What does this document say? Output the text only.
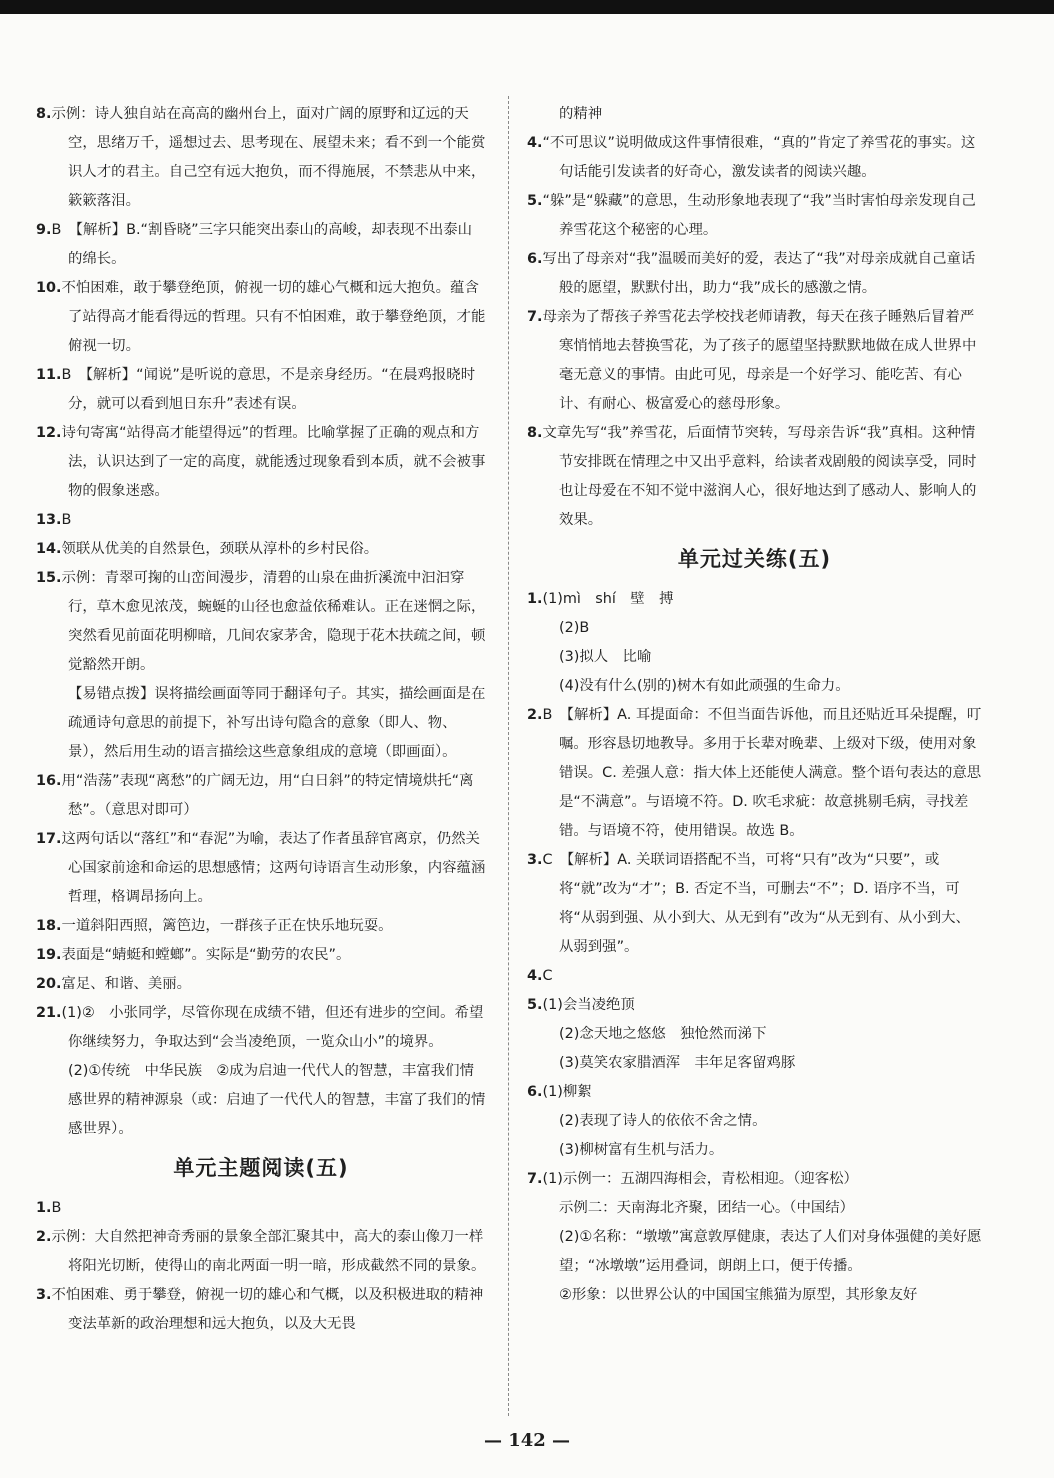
8.示例：诗人独自站在高高的幽州台上，面对广阔的原野和辽远的天空，思绪万千，遥想过去、思考现在、展望未来；看不到一个能赏识人才的君主。自己空有远大抱负，而不得施展，不禁悲从中来，簌簌落泪。
9.B　【解析】B.“割昏晓”三字只能突出泰山的高峻，却表现不出泰山的绵长。
10.不怕困难，敢于攀登绝顶，俯视一切的雄心气概和远大抱负。蕴含了站得高才能看得远的哲理。只有不怕困难，敢于攀登绝顶，才能俯视一切。
11.B　【解析】“闻说”是听说的意思，不是亲身经历。“在晨鸡报晓时分，就可以看到旭日东升”表述有误。
12.诗句寄寓“站得高才能望得远”的哲理。比喻掌握了正确的观点和方法，认识达到了一定的高度，就能透过现象看到本质，就不会被事物的假象迷惑。
13.B
14.领联从优美的自然景色，颈联从淳朴的乡村民俗。
15.示例：青翠可掬的山峦间漫步，清碧的山泉在曲折溪流中汩汩穿行，草木愈见浓茂，蜿蜒的山径也愈益依稀难认。正在迷惘之际，突然看见前面花明柳暗，几间农家茅舍，隐现于花木扶疏之间，顿觉豁然开朗。
【易错点拨】误将描绘画面等同于翻译句子。其实，描绘画面是在疏通诗句意思的前提下，补写出诗句隐含的意象（即人、物、景），然后用生动的语言描绘这些意象组成的意境（即画面）。
16.用“浩荡”表现“离愁”的广阔无边，用“白日斜”的特定情境烘托“离愁”。（意思对即可）
17.这两句话以“落红”和“春泥”为喻，表达了作者虽辞官离京，仍然关心国家前途和命运的思想感情；这两句诗语言生动形象，内容蕴涵哲理，格调昂扬向上。
18.一道斜阳西照，篱笆边，一群孩子正在快乐地玩耍。
19.表面是“蜻蜓和螳螂”。实际是“勤劳的农民”。
20.富足、和谐、美丽。
21.(1)②　小张同学，尽管你现在成绩不错，但还有进步的空间。希望你继续努力，争取达到“会当凌绝顶，一览众山小”的境界。
(2)①传统　中华民族　②成为启迪一代代人的智慧，丰富我们情感世界的精神源泉（或：启迪了一代代人的智慧，丰富了我们的情感世界）。
单元主题阅读(五)
1.B
2.示例：大自然把神奇秀丽的景象全部汇聚其中，高大的泰山像刀一样将阳光切断，使得山的南北两面一明一暗，形成截然不同的景象。
3.不怕困难、勇于攀登，俯视一切的雄心和气概，以及积极进取的精神　变法革新的政治理想和远大抱负，以及大无畏
的精神
4.“不可思议”说明做成这件事情很难，“真的”肯定了养雪花的事实。这句话能引发读者的好奇心，激发读者的阅读兴趣。
5.“躲”是“躲藏”的意思，生动形象地表现了“我”当时害怕母亲发现自己养雪花这个秘密的心理。
6.写出了母亲对“我”温暖而美好的爱，表达了“我”对母亲成就自己童话般的愿望，默默付出，助力“我”成长的感激之情。
7.母亲为了帮孩子养雪花去学校找老师请教，每天在孩子睡熟后冒着严寒悄悄地去替换雪花，为了孩子的愿望坚持默默地做在成人世界中毫无意义的事情。由此可见，母亲是一个好学习、能吃苦、有心计、有耐心、极富爱心的慈母形象。
8.文章先写“我”养雪花，后面情节突转，写母亲告诉“我”真相。这种情节安排既在情理之中又出乎意料，给读者戏剧般的阅读享受，同时也让母爱在不知不觉中滋润人心，很好地达到了感动人、影响人的效果。
单元过关练(五)
1.(1)mì　shí　壁　搏
(2)B
(3)拟人　比喻
(4)没有什么(别的)树木有如此顽强的生命力。
2.B　【解析】A. 耳提面命：不但当面告诉他，而且还贴近耳朵提醒，叮嘱。形容恳切地教导。多用于长辈对晚辈、上级对下级，使用对象错误。C. 差强人意：指大体上还能使人满意。整个语句表达的意思是“不满意”。与语境不符。D. 吹毛求疵：故意挑剔毛病，寻找差错。与语境不符，使用错误。故选 B。
3.C　【解析】A. 关联词语搭配不当，可将“只有”改为“只要”，或将“就”改为“才”；B. 否定不当，可删去“不”；D. 语序不当，可将“从弱到强、从小到大、从无到有”改为“从无到有、从小到大、从弱到强”。
4.C
5.(1)会当凌绝顶
(2)念天地之悠悠　独怆然而涕下
(3)莫笑农家腊酒浑　丰年足客留鸡豚
6.(1)柳絮
(2)表现了诗人的依依不舍之情。
(3)柳树富有生机与活力。
7.(1)示例一：五湖四海相会，青松相迎。（迎客松）
示例二：天南海北齐聚，团结一心。（中国结）
(2)①名称：“墩墩”寓意敦厚健康，表达了人们对身体强健的美好愿望；“冰墩墩”运用叠词，朗朗上口，便于传播。
②形象：以世界公认的中国国宝熊猫为原型，其形象友好
— 142 —
